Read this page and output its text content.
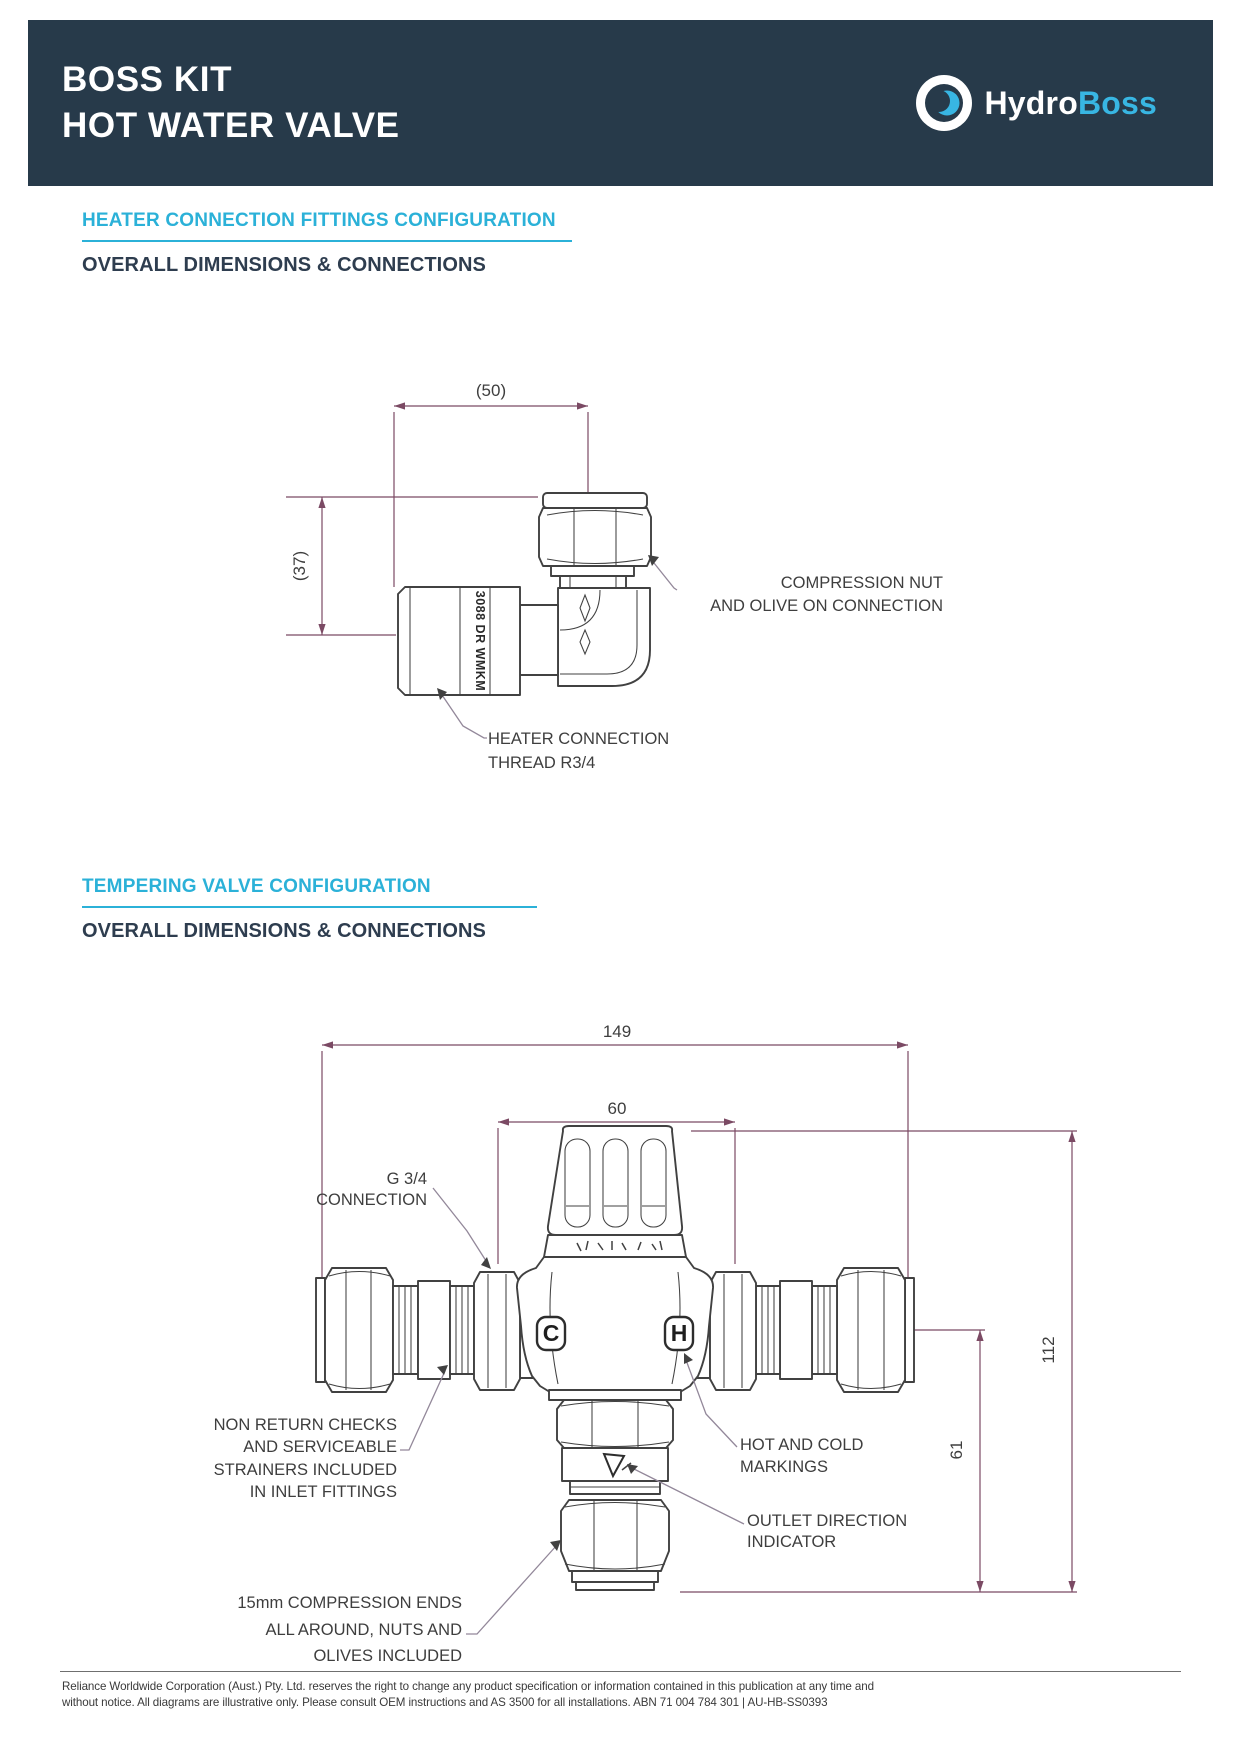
BOSS KIT
HOT WATER VALVE
HydroBoss
HEATER CONNECTION FITTINGS CONFIGURATION
OVERALL DIMENSIONS & CONNECTIONS
(50)
(37)
3088 DR WMKM
COMPRESSION NUT
AND OLIVE ON CONNECTION
HEATER CONNECTION
THREAD R3/4
TEMPERING VALVE CONFIGURATION
OVERALL DIMENSIONS & CONNECTIONS
149
60
112
61
C	H
G 3/4
CONNECTION
NON RETURN CHECKS
AND SERVICEABLE
STRAINERS INCLUDED
IN INLET FITTINGS
15mm COMPRESSION ENDS
ALL AROUND, NUTS AND
OLIVES INCLUDED
HOT AND COLD
MARKINGS
OUTLET DIRECTION
INDICATOR
Reliance Worldwide Corporation (Aust.) Pty. Ltd. reserves the right to change any product specification or information contained in this publication at any time and
without notice. All diagrams are illustrative only. Please consult OEM instructions and AS 3500 for all installations. ABN 71 004 784 301 | AU-HB-SS0393
